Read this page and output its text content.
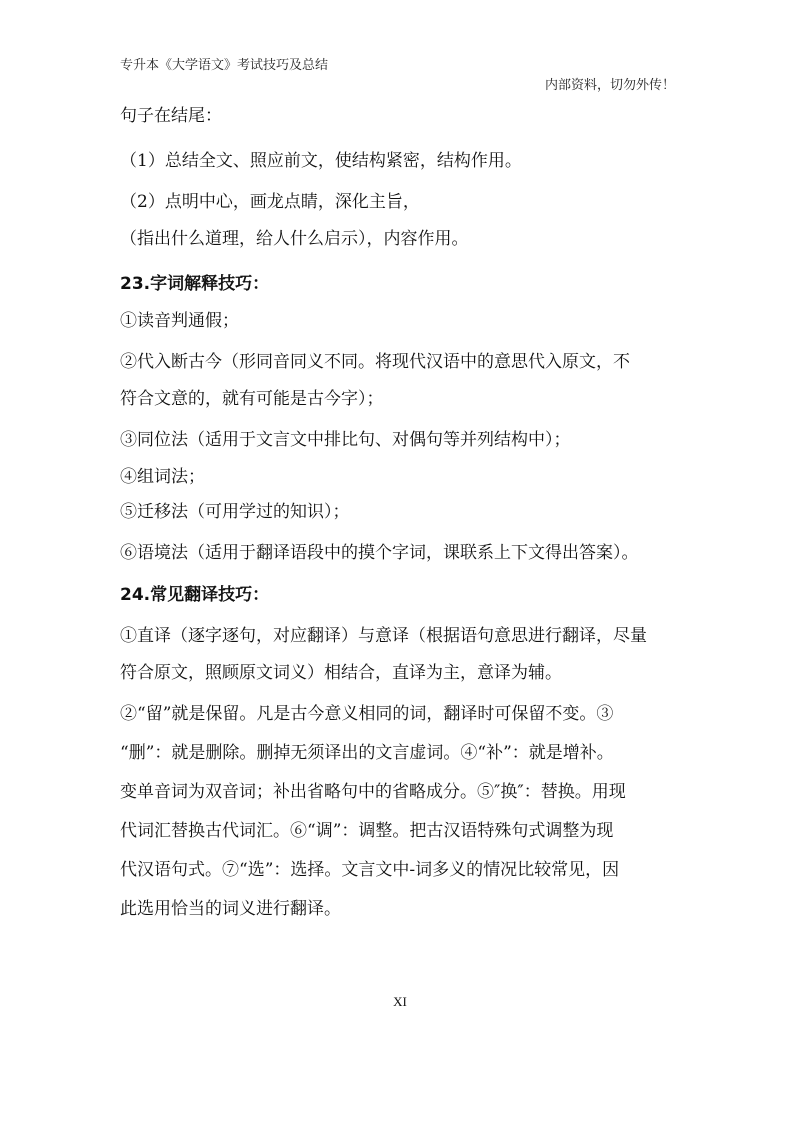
专升本《大学语文》考试技巧及总结
内部资料，切勿外传！
句子在结尾：
（1）总结全文、照应前文，使结构紧密，结构作用。
（2）点明中心，画龙点睛，深化主旨，
（指出什么道理，给人什么启示），内容作用。
23.字词解释技巧：
①读音判通假；
②代入断古今（形同音同义不同。将现代汉语中的意思代入原文，不
符合文意的，就有可能是古今字）；
③同位法（适用于文言文中排比句、对偶句等并列结构中）；
④组词法；
⑤迁移法（可用学过的知识）；
⑥语境法（适用于翻译语段中的摸个字词，课联系上下文得出答案）。
24.常见翻译技巧：
①直译（逐字逐句，对应翻译）与意译（根据语句意思进行翻译，尽量
符合原文，照顾原文词义）相结合，直译为主，意译为辅。
②“留”就是保留。凡是古今意义相同的词，翻译时可保留不变。③
“删”：就是删除。删掉无须译出的文言虚词。④“补”：就是增补。
变单音词为双音词；补出省略句中的省略成分。⑤″换″：替换。用现
代词汇替换古代词汇。⑥“调”：调整。把古汉语特殊句式调整为现
代汉语句式。⑦“选”：选择。文言文中-词多义的情况比较常见，因
此选用恰当的词义进行翻译。
XI
